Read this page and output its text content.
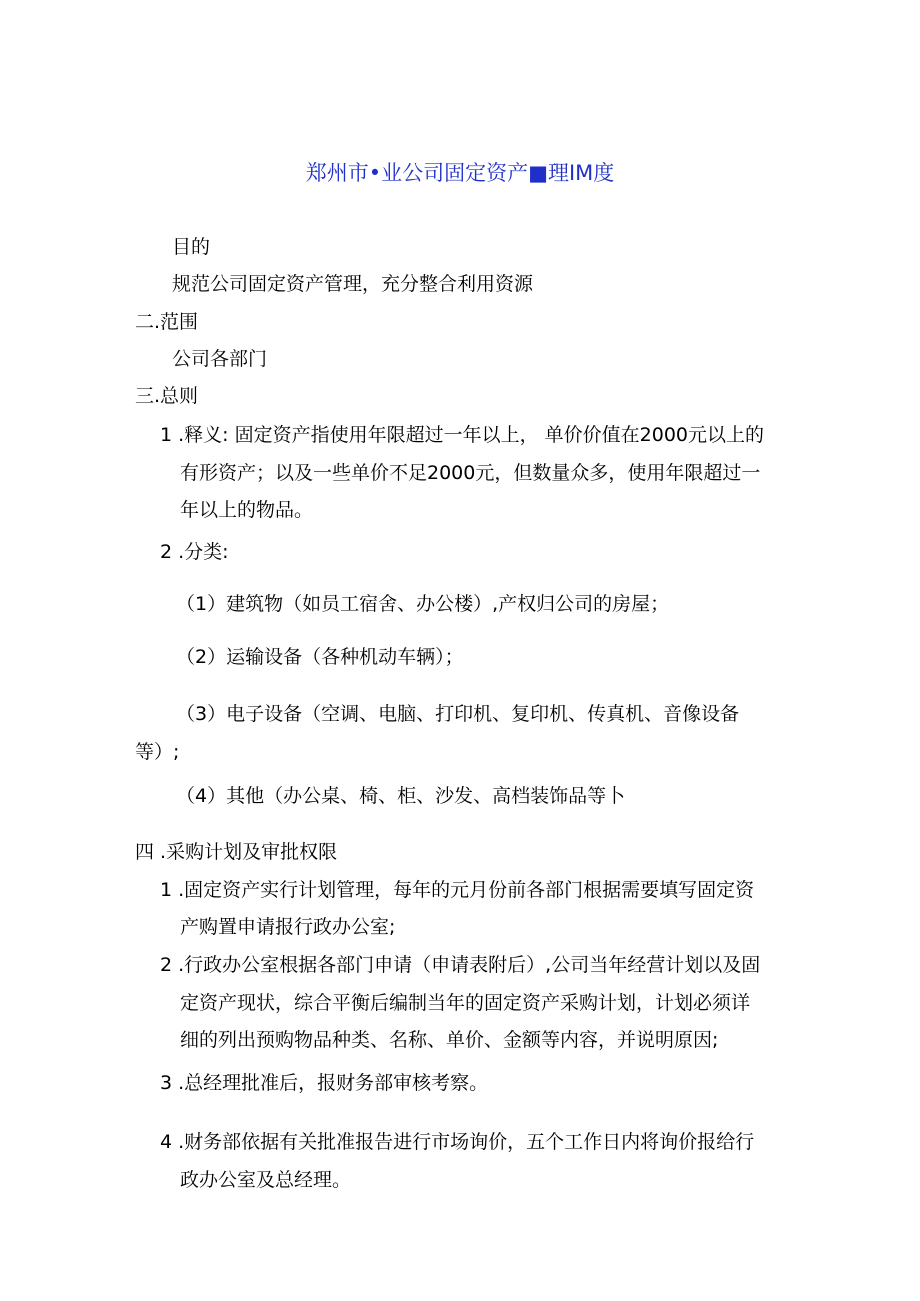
郑州市•业公司固定资产■理IM度

目的

规范公司固定资产管理，充分整合利用资源

二.范围

公司各部门

三.总则

1 .释义: 固定资产指使用年限超过一年以上， 单价价值在2000元以上的

有形资产；以及一些单价不足2000元，但数量众多，使用年限超过一

年以上的物品。

2 .分类:

（1）建筑物（如员工宿舍、办公楼）,产权归公司的房屋；

（2）运输设备（各种机动车辆）；

（3）电子设备（空调、电脑、打印机、复印机、传真机、音像设备

等）;

（4）其他（办公桌、椅、柜、沙发、高档装饰品等卜

四 .采购计划及审批权限

1 .固定资产实行计划管理，每年的元月份前各部门根据需要填写固定资

产购置申请报行政办公室;

2 .行政办公室根据各部门申请（申请表附后）,公司当年经营计划以及固

定资产现状，综合平衡后编制当年的固定资产采购计划，计划必须详

细的列出预购物品种类、名称、单价、金额等内容，并说明原因;

3 .总经理批准后，报财务部审核考察。

4 .财务部依据有关批准报告进行市场询价，五个工作日内将询价报给行

政办公室及总经理。
